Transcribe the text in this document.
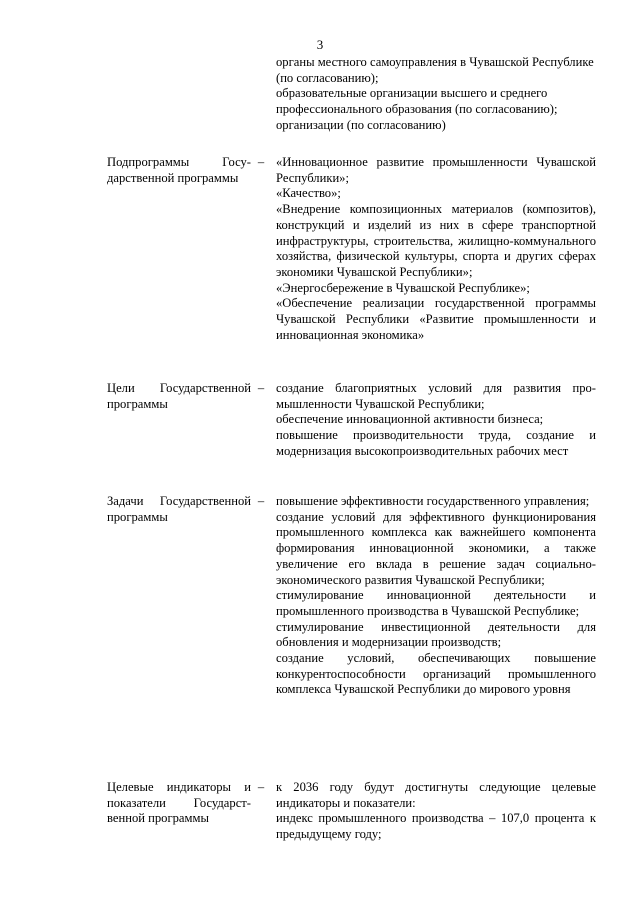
3

органы местного самоуправления в Чувашской Республике (по согласованию);

образовательные организации высшего и среднего профессионального образования (по согласованию);

организации (по согласованию)

Подпрограммы Государственной программы
– «Инновационное развитие промышленности Чувашской Республики»;

«Качество»;

«Внедрение композиционных материалов (композитов), конструкций и изделий из них в сфере транспортной инфраструктуры, строительства, жилищно-коммунального хозяйства, физической культуры, спорта и других сферах экономики Чувашской Республики»;

«Энергосбережение в Чувашской Республике»;

«Обеспечение реализации государственной программы Чувашской Республики «Развитие промышленности и инновационная экономика»

Цели Государственной программы
– создание благоприятных условий для развития промышленности Чувашской Республики;

обеспечение инновационной активности бизнеса;

повышение производительности труда, создание и модернизация высокопроизводительных рабочих мест

Задачи Государственной программы
– повышение эффективности государственного управления;

создание условий для эффективного функционирования промышленного комплекса как важнейшего компонента формирования инновационной экономики, а также увеличение его вклада в решение задач социально-экономического развития Чувашской Республики;

стимулирование инновационной деятельности и промышленного производства в Чувашской Республике;

стимулирование инвестиционной деятельности для обновления и модернизации производств;

создание условий, обеспечивающих повышение конкурентоспособности организаций промышленного комплекса Чувашской Республики до мирового уровня

Целевые индикаторы и показатели Государственной программы
– к 2036 году будут достигнуты следующие целевые индикаторы и показатели:

индекс промышленного производства – 107,0 процента к предыдущему году;
